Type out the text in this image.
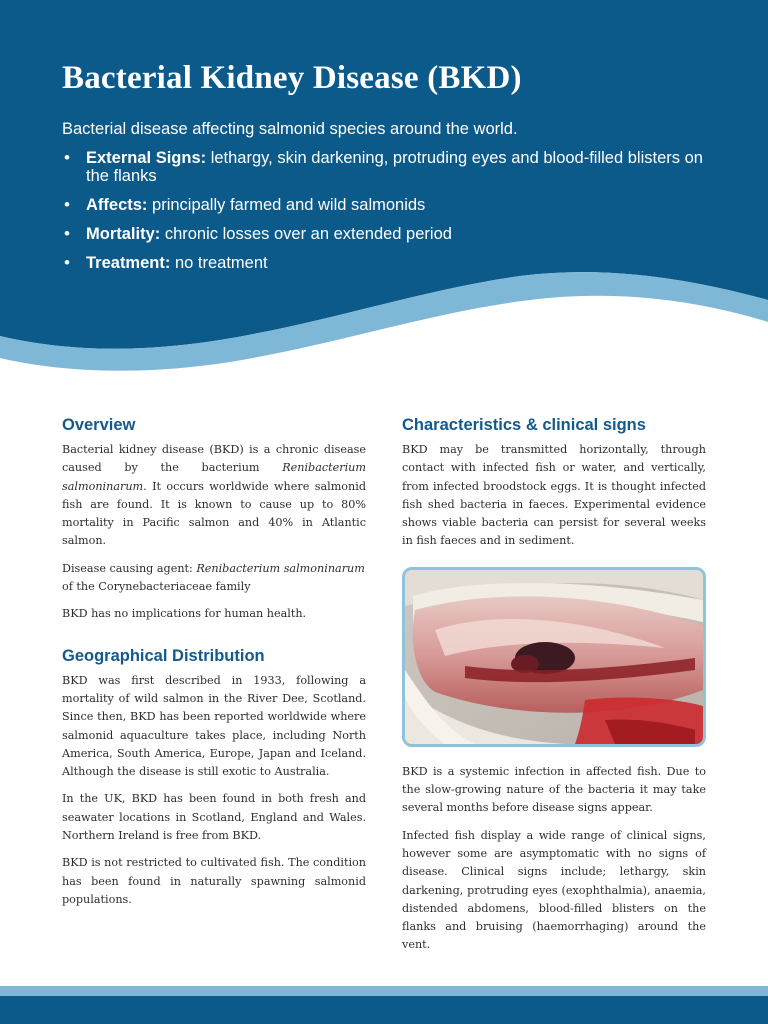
Bacterial Kidney Disease (BKD)
Bacterial disease affecting salmonid species around the world.
• External Signs: lethargy, skin darkening, protruding eyes and blood-filled blisters on the flanks
• Affects: principally farmed and wild salmonids
• Mortality: chronic losses over an extended period
• Treatment: no treatment
Overview

Bacterial kidney disease (BKD) is a chronic disease caused by the bacterium Renibacterium salmoninarum. It occurs worldwide where salmonid fish are found. It is known to cause up to 80% mortality in Pacific salmon and 40% in Atlantic salmon.

Disease causing agent: Renibacterium salmoninarum of the Corynebacteriaceae family

BKD has no implications for human health.

Geographical Distribution

BKD was first described in 1933, following a mortality of wild salmon in the River Dee, Scotland. Since then, BKD has been reported worldwide where salmonid aquaculture takes place, including North America, South America, Europe, Japan and Iceland. Although the disease is still exotic to Australia.

In the UK, BKD has been found in both fresh and seawater locations in Scotland, England and Wales. Northern Ireland is free from BKD.

BKD is not restricted to cultivated fish. The condition has been found in naturally spawning salmonid populations.

Characteristics & clinical signs

BKD may be transmitted horizontally, through contact with infected fish or water, and vertically, from infected broodstock eggs. It is thought infected fish shed bacteria in faeces. Experimental evidence shows viable bacteria can persist for several weeks in fish faeces and in sediment.

BKD is a systemic infection in affected fish. Due to the slow-growing nature of the bacteria it may take several months before disease signs appear.

Infected fish display a wide range of clinical signs, however some are asymptomatic with no signs of disease. Clinical signs include; lethargy, skin darkening, protruding eyes (exophthalmia), anaemia, distended abdomens, blood-filled blisters on the flanks and bruising (haemorrhaging) around the vent.
